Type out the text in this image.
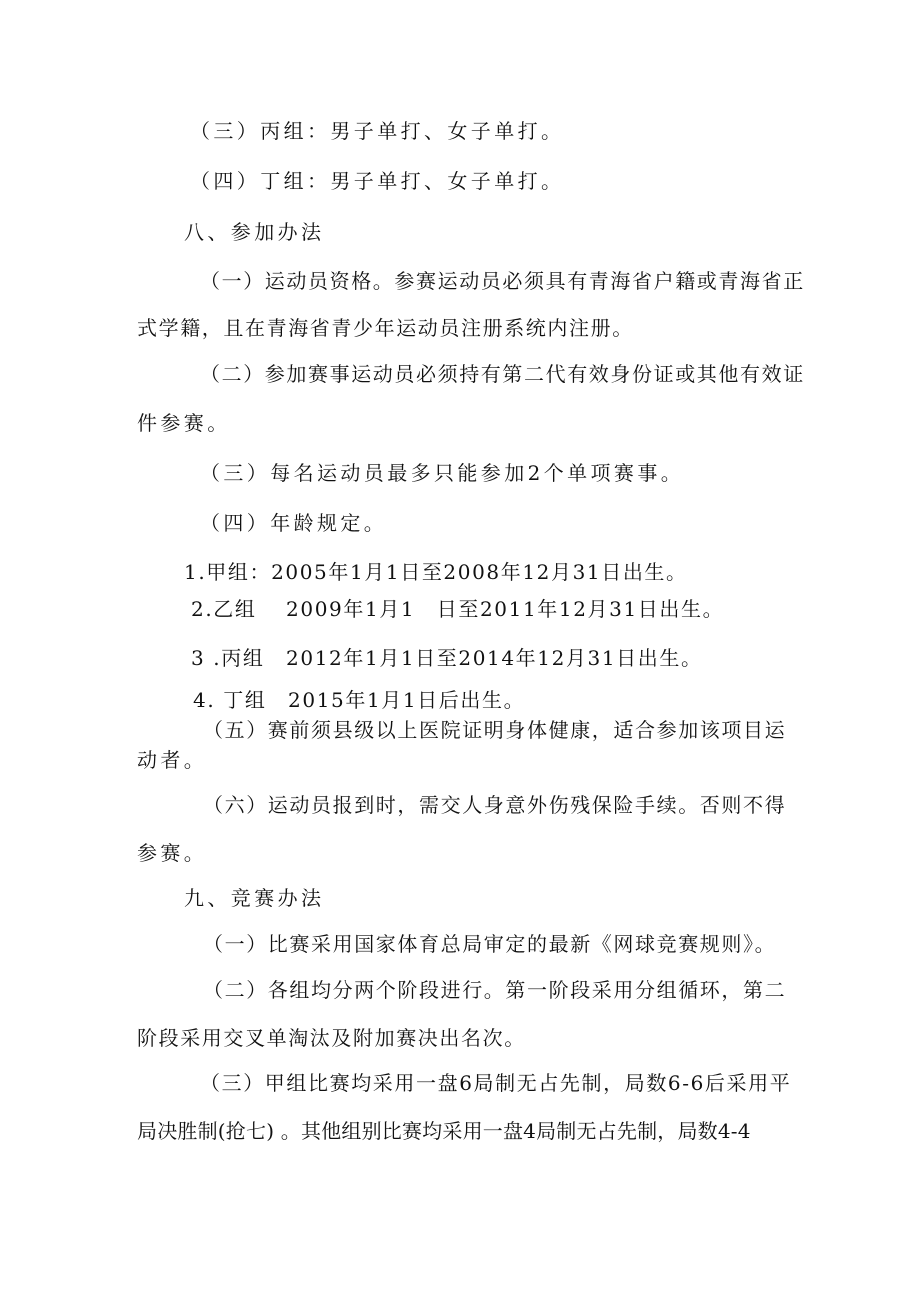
（三）丙组：男子单打、女子单打。
（四）丁组：男子单打、女子单打。
八、参加办法
（一）运动员资格。参赛运动员必须具有青海省户籍或青海省正
式学籍，且在青海省青少年运动员注册系统内注册。
（二）参加赛事运动员必须持有第二代有效身份证或其他有效证
件参赛。
（三）每名运动员最多只能参加2个单项赛事。
（四）年龄规定。
1.甲组：2005年1月1日至2008年12月31日出生。
2.乙组　 2009年1月1　日至2011年12月31日出生。
3 .丙组　2012年1月1日至2014年12月31日出生。
4. 丁组　2015年1月1日后出生。
（五）赛前须县级以上医院证明身体健康，适合参加该项目运
动者。
（六）运动员报到时，需交人身意外伤残保险手续。否则不得
参赛。
九、竞赛办法
（一）比赛采用国家体育总局审定的最新《网球竞赛规则》。
（二）各组均分两个阶段进行。第一阶段采用分组循环，第二
阶段采用交叉单淘汰及附加赛决出名次。
（三）甲组比赛均采用一盘6局制无占先制，局数6-6后采用平
局决胜制(抢七) 。其他组别比赛均采用一盘4局制无占先制，局数4-4
